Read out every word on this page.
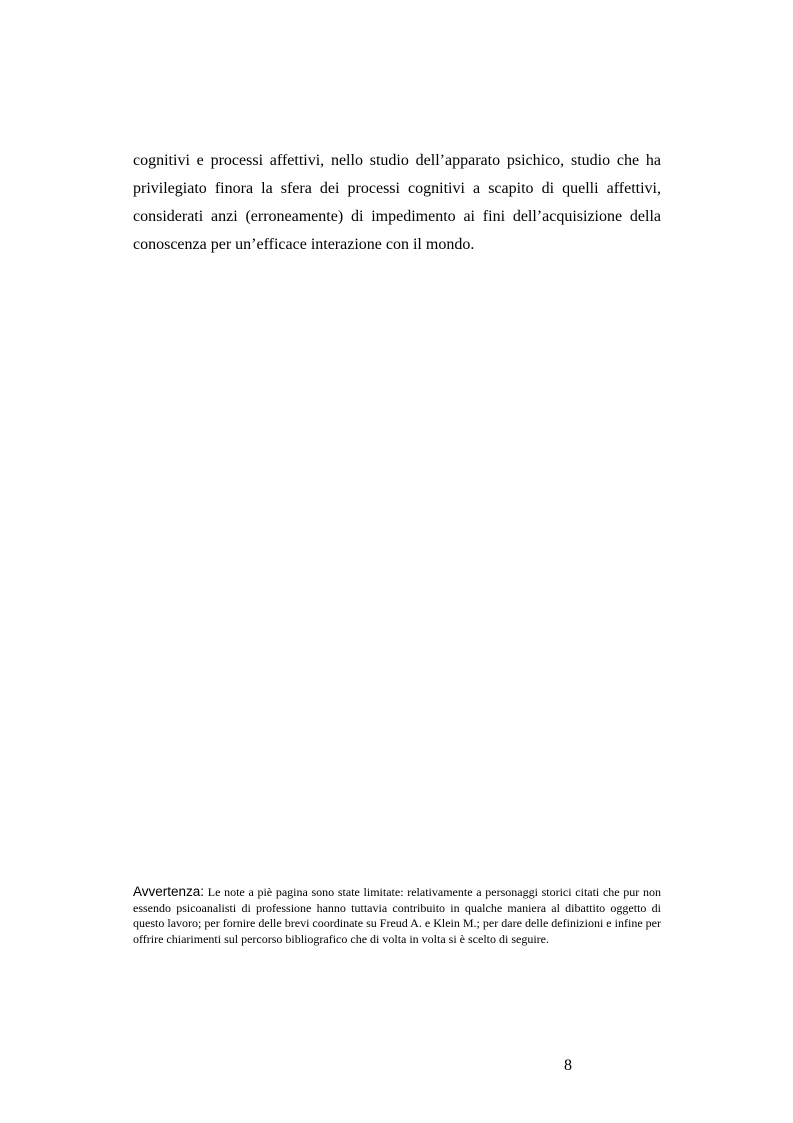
cognitivi e processi affettivi, nello studio dell’apparato psichico, studio che ha privilegiato finora la sfera dei processi cognitivi a scapito di quelli affettivi, considerati anzi (erroneamente) di impedimento ai fini dell’acquisizione della conoscenza per un’efficace interazione con il mondo.

Avvertenza: Le note a piè pagina sono state limitate: relativamente a personaggi storici citati che pur non essendo psicoanalisti di professione hanno tuttavia contribuito in qualche maniera al dibattito oggetto di questo lavoro; per fornire delle brevi coordinate su Freud A. e Klein M.; per dare delle definizioni e infine per offrire chiarimenti sul percorso bibliografico che di volta in volta si è scelto di seguire.

8
